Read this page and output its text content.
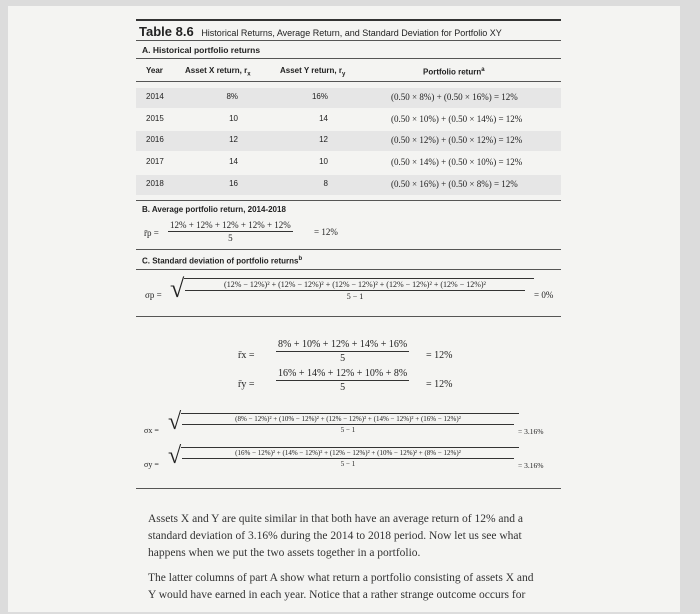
Table 8.6 Historical Returns, Average Return, and Standard Deviation for Portfolio XY
A. Historical portfolio returns
Year	Asset X return, $r_x$	Asset Y return, $r_y$	Portfolio return$^a$
2014	8%	16%	(0.50 × 8%) + (0.50 × 16%) = 12%
2015	10	14	(0.50 × 10%) + (0.50 × 14%) = 12%
2016	12	12	(0.50 × 12%) + (0.50 × 12%) = 12%
2017	14	10	(0.50 × 14%) + (0.50 × 10%) = 12%
2018	16	8	(0.50 × 16%) + (0.50 × 8%) = 12%
B. Average portfolio return, 2014-2018
r̄p = $\frac{12\% + 12\% + 12\% + 12\% + 12\%}{5} = 12\%$
C. Standard deviation of portfolio returns$^b$
σp = √	(12% − 12%)² + (12% − 12%)² + (12% − 12%)² + (12% − 12%)² + (12% − 12%)²
5 − 1	= 0%
r̄x = $\frac{8\% + 10\% + 12\% + 14\% + 16\%}{5} = 12\%$
r̄y = $\frac{16\% + 14\% + 12\% + 10\% + 8\%}{5} = 12\%$
σx = √	(8% − 12%)² + (10% − 12%)² + (12% − 12%)² + (14% − 12%)² + (16% − 12%)²
5 − 1	= 3.16%
σy = √	(16% − 12%)² + (14% − 12%)² + (12% − 12%)² + (10% − 12%)² + (8% − 12%)²
5 − 1	= 3.16%

Assets X and Y are quite similar in that both have an average return of 12% and a standard deviation of 3.16% during the 2014 to 2018 period. Now let us see what happens when we put the two assets together in a portfolio.

The latter columns of part A show what return a portfolio consisting of assets X and Y would have earned in each year. Notice that a rather strange outcome occurs for
